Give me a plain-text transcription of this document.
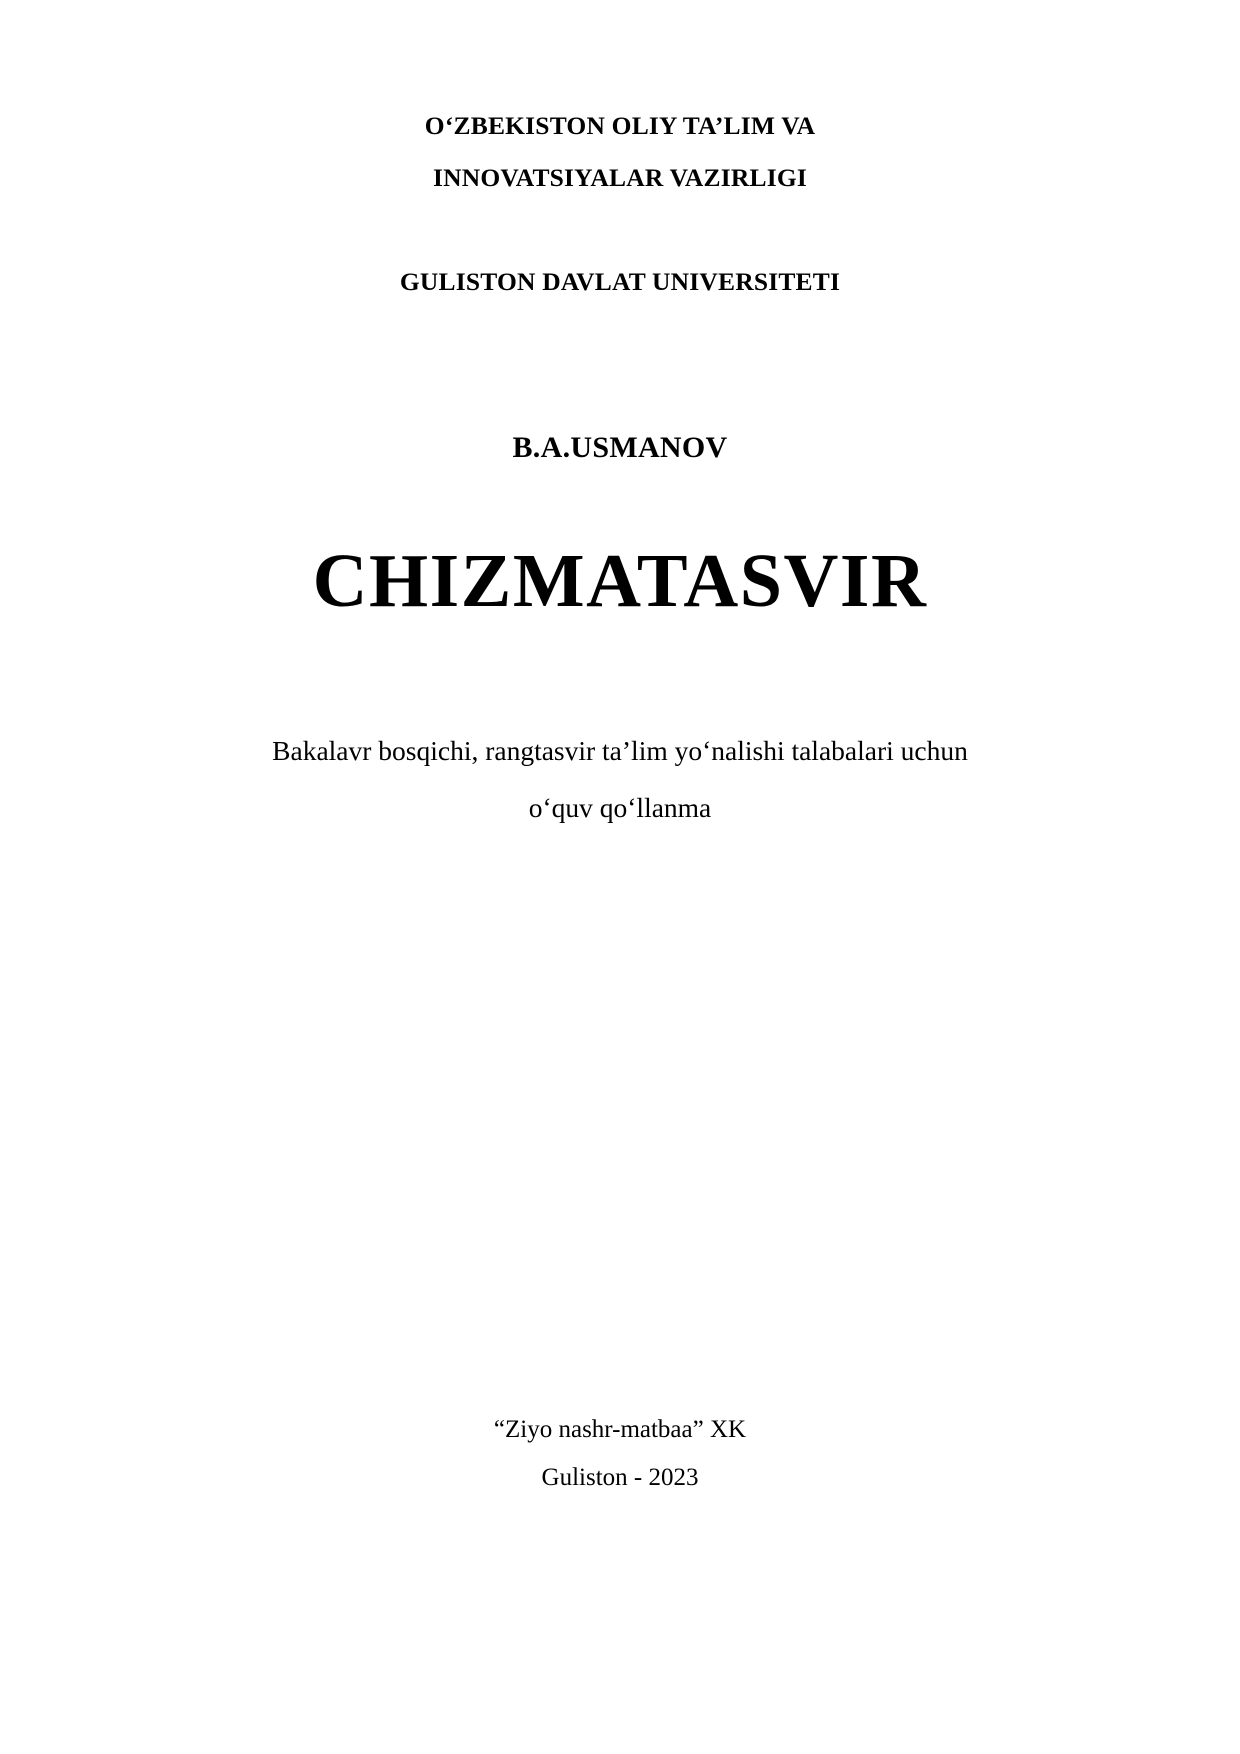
O‘ZBEKISTON OLIY TA’LIM VA
INNOVATSIYALAR VAZIRLIGI
GULISTON DAVLAT UNIVERSITETI
B.A.USMANOV
CHIZMATASVIR
Bakalavr bosqichi, rangtasvir ta’lim yo‘nalishi talabalari uchun
o‘quv qo‘llanma
“Ziyo nashr-matbaa” XK
Guliston - 2023
